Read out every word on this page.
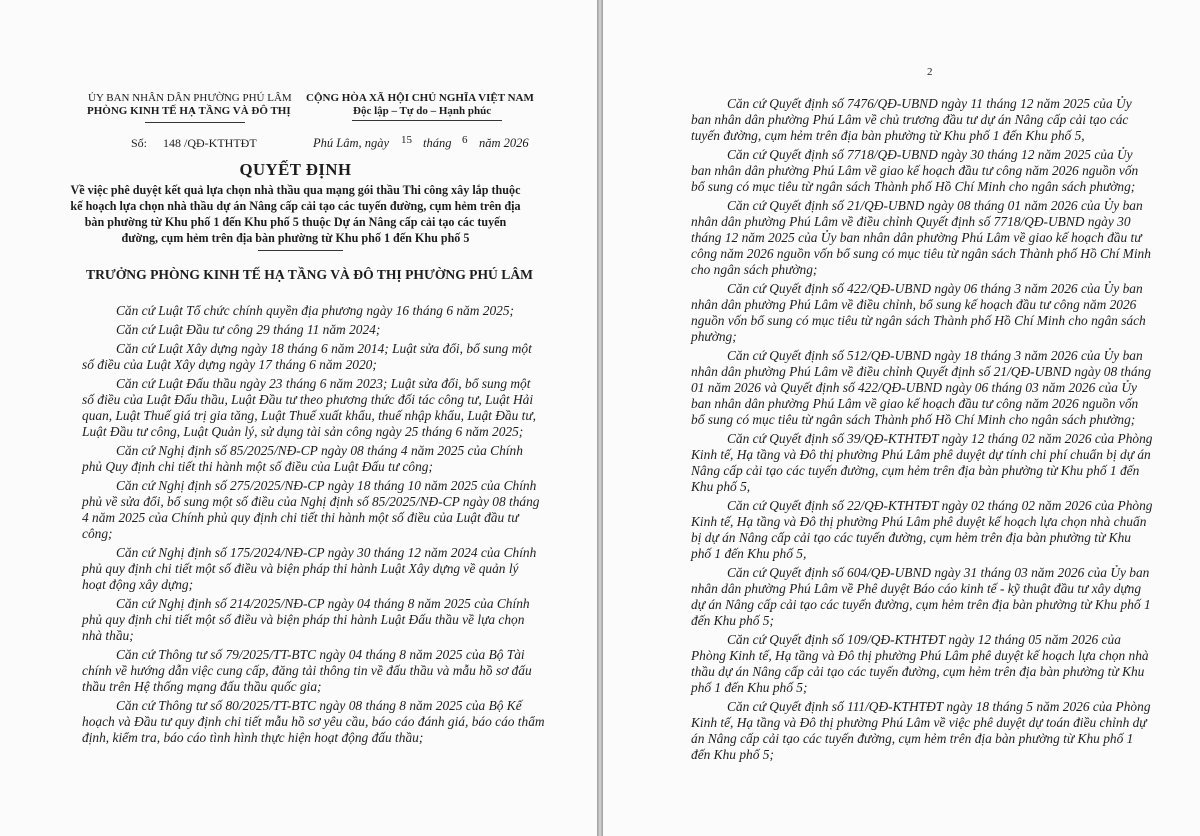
ỦY BAN NHÂN DÂN PHƯỜNG PHÚ LÂM
PHÒNG KINH TẾ HẠ TẦNG VÀ ĐÔ THỊ
CỘNG HÒA XÃ HỘI CHỦ NGHĨA VIỆT NAM
Độc lập – Tự do – Hạnh phúc
Số: 148 /QĐ-KTHTĐT	Phú Lâm, ngày 15 tháng 6 năm 2026
QUYẾT ĐỊNH
Về việc phê duyệt kết quả lựa chọn nhà thầu qua mạng gói thầu Thi công xây lắp thuộc
kế hoạch lựa chọn nhà thầu dự án Nâng cấp cải tạo các tuyến đường, cụm hẻm trên địa
bàn phường từ Khu phố 1 đến Khu phố 5 thuộc Dự án Nâng cấp cải tạo các tuyến
đường, cụm hẻm trên địa bàn phường từ Khu phố 1 đến Khu phố 5
TRƯỞNG PHÒNG KINH TẾ HẠ TẦNG VÀ ĐÔ THỊ PHƯỜNG PHÚ LÂM
Căn cứ Luật Tổ chức chính quyền địa phương ngày 16 tháng 6 năm 2025;
Căn cứ Luật Đầu tư công 29 tháng 11 năm 2024;
Căn cứ Luật Xây dựng ngày 18 tháng 6 năm 2014; Luật sửa đổi, bổ sung một
số điều của Luật Xây dựng ngày 17 tháng 6 năm 2020;
Căn cứ Luật Đấu thầu ngày 23 tháng 6 năm 2023; Luật sửa đổi, bổ sung một
số điều của Luật Đấu thầu, Luật Đầu tư theo phương thức đối tác công tư, Luật Hải
quan, Luật Thuế giá trị gia tăng, Luật Thuế xuất khẩu, thuế nhập khẩu, Luật Đầu tư,
Luật Đầu tư công, Luật Quản lý, sử dụng tài sản công ngày 25 tháng 6 năm 2025;
Căn cứ Nghị định số 85/2025/NĐ-CP ngày 08 tháng 4 năm 2025 của Chính
phủ Quy định chi tiết thi hành một số điều của Luật Đấu tư công;
Căn cứ Nghị định số 275/2025/NĐ-CP ngày 18 tháng 10 năm 2025 của Chính
phủ về sửa đổi, bổ sung một số điều của Nghị định số 85/2025/NĐ-CP ngày 08 tháng
4 năm 2025 của Chính phủ quy định chi tiết thi hành một số điều của Luật đầu tư
công;
Căn cứ Nghị định số 175/2024/NĐ-CP ngày 30 tháng 12 năm 2024 của Chính
phủ quy định chi tiết một số điều và biện pháp thi hành Luật Xây dựng về quản lý
hoạt động xây dựng;
Căn cứ Nghị định số 214/2025/NĐ-CP ngày 04 tháng 8 năm 2025 của Chính
phủ quy định chi tiết một số điều và biện pháp thi hành Luật Đấu thầu về lựa chọn
nhà thầu;
Căn cứ Thông tư số 79/2025/TT-BTC ngày 04 tháng 8 năm 2025 của Bộ Tài
chính về hướng dẫn việc cung cấp, đăng tải thông tin về đấu thầu và mẫu hồ sơ đấu
thầu trên Hệ thống mạng đấu thầu quốc gia;
Căn cứ Thông tư số 80/2025/TT-BTC ngày 08 tháng 8 năm 2025 của Bộ Kế
hoạch và Đầu tư quy định chi tiết mẫu hồ sơ yêu cầu, báo cáo đánh giá, báo cáo thẩm
định, kiểm tra, báo cáo tình hình thực hiện hoạt động đấu thầu;
2
Căn cứ Quyết định số 7476/QĐ-UBND ngày 11 tháng 12 năm 2025 của Ủy
ban nhân dân phường Phú Lâm về chủ trương đầu tư dự án Nâng cấp cải tạo các
tuyến đường, cụm hẻm trên địa bàn phường từ Khu phố 1 đến Khu phố 5,
Căn cứ Quyết định số 7718/QĐ-UBND ngày 30 tháng 12 năm 2025 của Ủy
ban nhân dân phường Phú Lâm về giao kế hoạch đầu tư công năm 2026 nguồn vốn
bổ sung có mục tiêu từ ngân sách Thành phố Hồ Chí Minh cho ngân sách phường;
Căn cứ Quyết định số 21/QĐ-UBND ngày 08 tháng 01 năm 2026 của Ủy ban
nhân dân phường Phú Lâm về điều chỉnh Quyết định số 7718/QĐ-UBND ngày 30
tháng 12 năm 2025 của Ủy ban nhân dân phường Phú Lâm về giao kế hoạch đầu tư
công năm 2026 nguồn vốn bổ sung có mục tiêu từ ngân sách Thành phố Hồ Chí Minh
cho ngân sách phường;
Căn cứ Quyết định số 422/QĐ-UBND ngày 06 tháng 3 năm 2026 của Ủy ban
nhân dân phường Phú Lâm về điều chỉnh, bổ sung kế hoạch đầu tư công năm 2026
nguồn vốn bổ sung có mục tiêu từ ngân sách Thành phố Hồ Chí Minh cho ngân sách
phường;
Căn cứ Quyết định số 512/QĐ-UBND ngày 18 tháng 3 năm 2026 của Ủy ban
nhân dân phường Phú Lâm về điều chỉnh Quyết định số 21/QĐ-UBND ngày 08 tháng
01 năm 2026 và Quyết định số 422/QĐ-UBND ngày 06 tháng 03 năm 2026 của Ủy
ban nhân dân phường Phú Lâm về giao kế hoạch đầu tư công năm 2026 nguồn vốn
bổ sung có mục tiêu từ ngân sách Thành phố Hồ Chí Minh cho ngân sách phường;
Căn cứ Quyết định số 39/QĐ-KTHTĐT ngày 12 tháng 02 năm 2026 của Phòng
Kinh tế, Hạ tầng và Đô thị phường Phú Lâm phê duyệt dự tính chi phí chuẩn bị dự án
Nâng cấp cải tạo các tuyến đường, cụm hẻm trên địa bàn phường từ Khu phố 1 đến
Khu phố 5,
Căn cứ Quyết định số 22/QĐ-KTHTĐT ngày 02 tháng 02 năm 2026 của Phòng
Kinh tế, Hạ tầng và Đô thị phường Phú Lâm phê duyệt kế hoạch lựa chọn nhà chuẩn
bị dự án Nâng cấp cải tạo các tuyến đường, cụm hẻm trên địa bàn phường từ Khu
phố 1 đến Khu phố 5,
Căn cứ Quyết định số 604/QĐ-UBND ngày 31 tháng 03 năm 2026 của Ủy ban
nhân dân phường Phú Lâm về Phê duyệt Báo cáo kinh tế - kỹ thuật đầu tư xây dựng
dự án Nâng cấp cải tạo các tuyến đường, cụm hẻm trên địa bàn phường từ Khu phố 1
đến Khu phố 5;
Căn cứ Quyết định số 109/QĐ-KTHTĐT ngày 12 tháng 05 năm 2026 của
Phòng Kinh tế, Hạ tầng và Đô thị phường Phú Lâm phê duyệt kế hoạch lựa chọn nhà
thầu dự án Nâng cấp cải tạo các tuyến đường, cụm hẻm trên địa bàn phường từ Khu
phố 1 đến Khu phố 5;
Căn cứ Quyết định số 111/QĐ-KTHTĐT ngày 18 tháng 5 năm 2026 của Phòng
Kinh tế, Hạ tầng và Đô thị phường Phú Lâm về việc phê duyệt dự toán điều chỉnh dự
án Nâng cấp cải tạo các tuyến đường, cụm hẻm trên địa bàn phường từ Khu phố 1
đến Khu phố 5;
